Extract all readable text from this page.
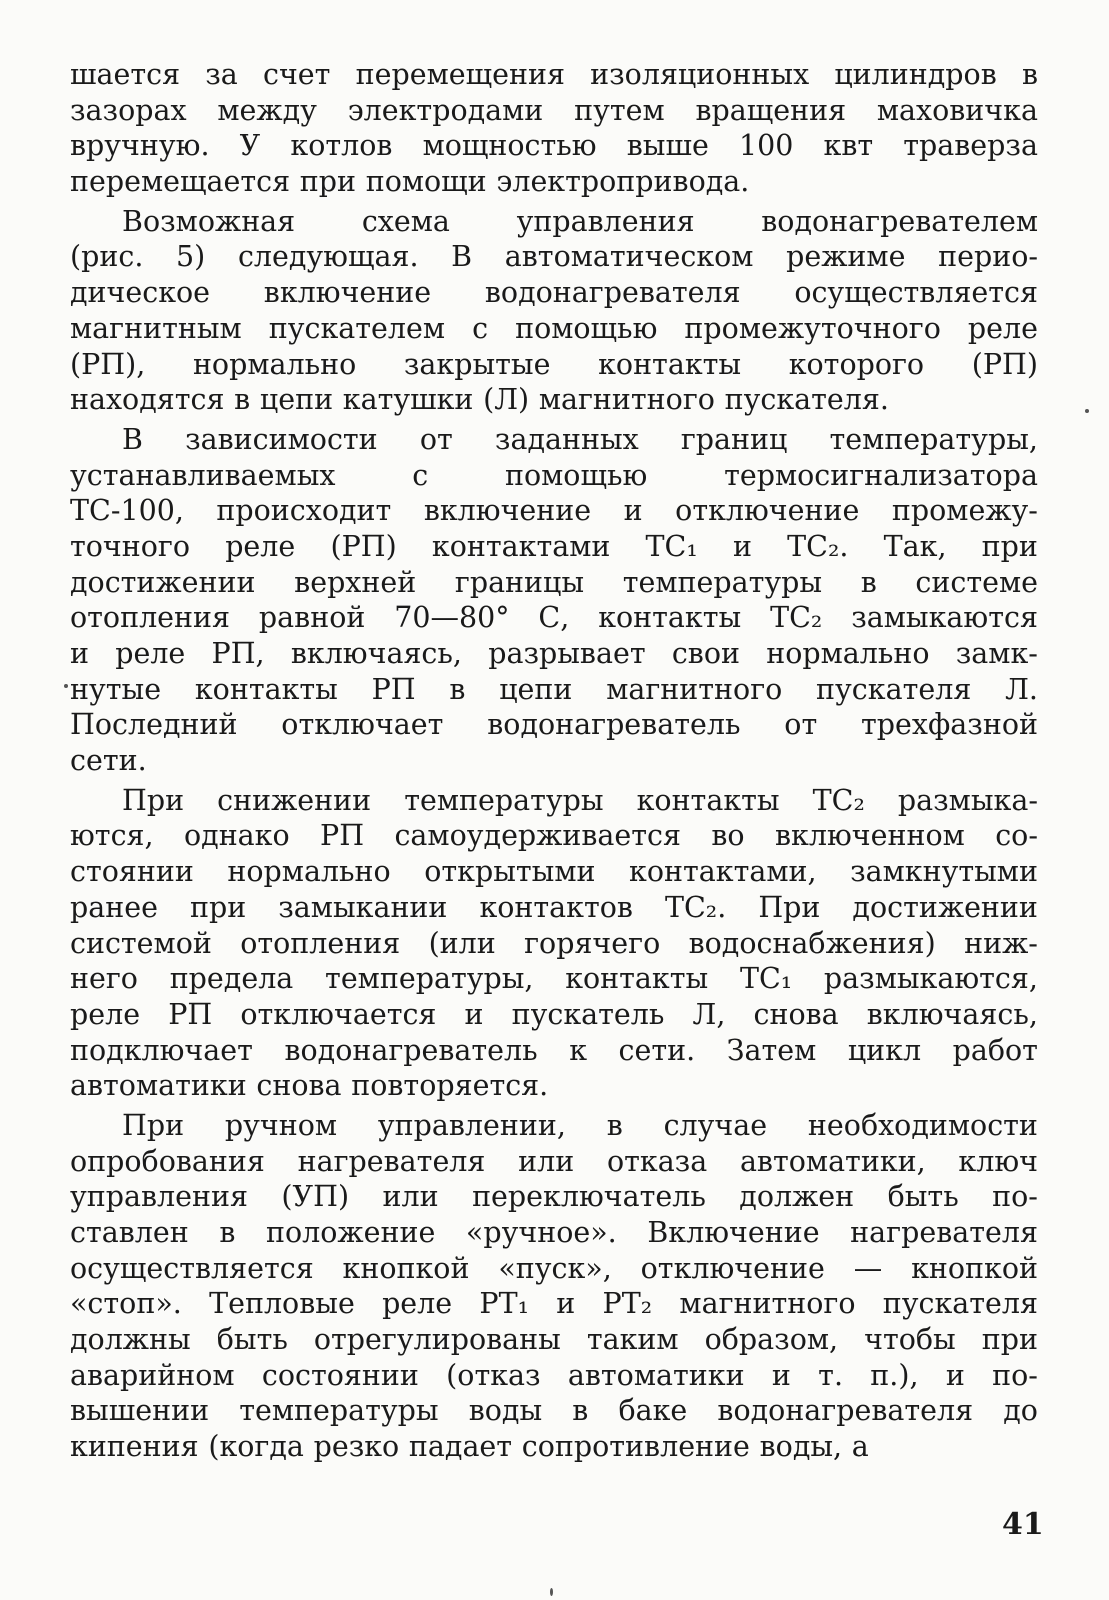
шается за счет перемещения изоляционных цилиндров в
зазорах между электродами путем вращения маховичка
вручную. У котлов мощностью выше 100 квт траверза
перемещается при помощи электропривода.
Возможная схема управления водонагревателем
(рис. 5) следующая. В автоматическом режиме перио-
дическое включение водонагревателя осуществляется
магнитным пускателем с помощью промежуточного реле
(РП), нормально закрытые контакты которого (РП)
находятся в цепи катушки (Л) магнитного пускателя.
В зависимости от заданных границ температуры,
устанавливаемых	с	помощью	термосигнализатора
ТС-100, происходит включение и отключение промежу-
точного реле (РП) контактами ТС₁ и ТС₂. Так, при
достижении верхней границы температуры в системе
отопления равной 70—80° С, контакты ТС₂ замыкаются
и реле РП, включаясь, разрывает свои нормально замк-
нутые контакты РП в цепи магнитного пускателя Л.
Последний отключает водонагреватель от трехфазной
сети.
При снижении температуры контакты ТС₂ размыка-
ются, однако РП самоудерживается во включенном со-
стоянии нормально открытыми контактами, замкнутыми
ранее при замыкании контактов ТС₂. При достижении
системой отопления (или горячего водоснабжения) ниж-
него предела температуры, контакты ТС₁ размыкаются,
реле РП отключается и пускатель Л, снова включаясь,
подключает водонагреватель к сети. Затем цикл работ
автоматики снова повторяется.
При ручном управлении, в случае необходимости
опробования нагревателя или отказа автоматики, ключ
управления (УП) или переключатель должен быть по-
ставлен в положение «ручное». Включение нагревателя
осуществляется кнопкой «пуск», отключение — кнопкой
«стоп». Тепловые реле РТ₁ и РТ₂ магнитного пускателя
должны быть отрегулированы таким образом, чтобы при
аварийном состоянии (отказ автоматики и т. п.), и по-
вышении температуры воды в баке водонагревателя до
кипения (когда резко падает сопротивление воды, а
41
